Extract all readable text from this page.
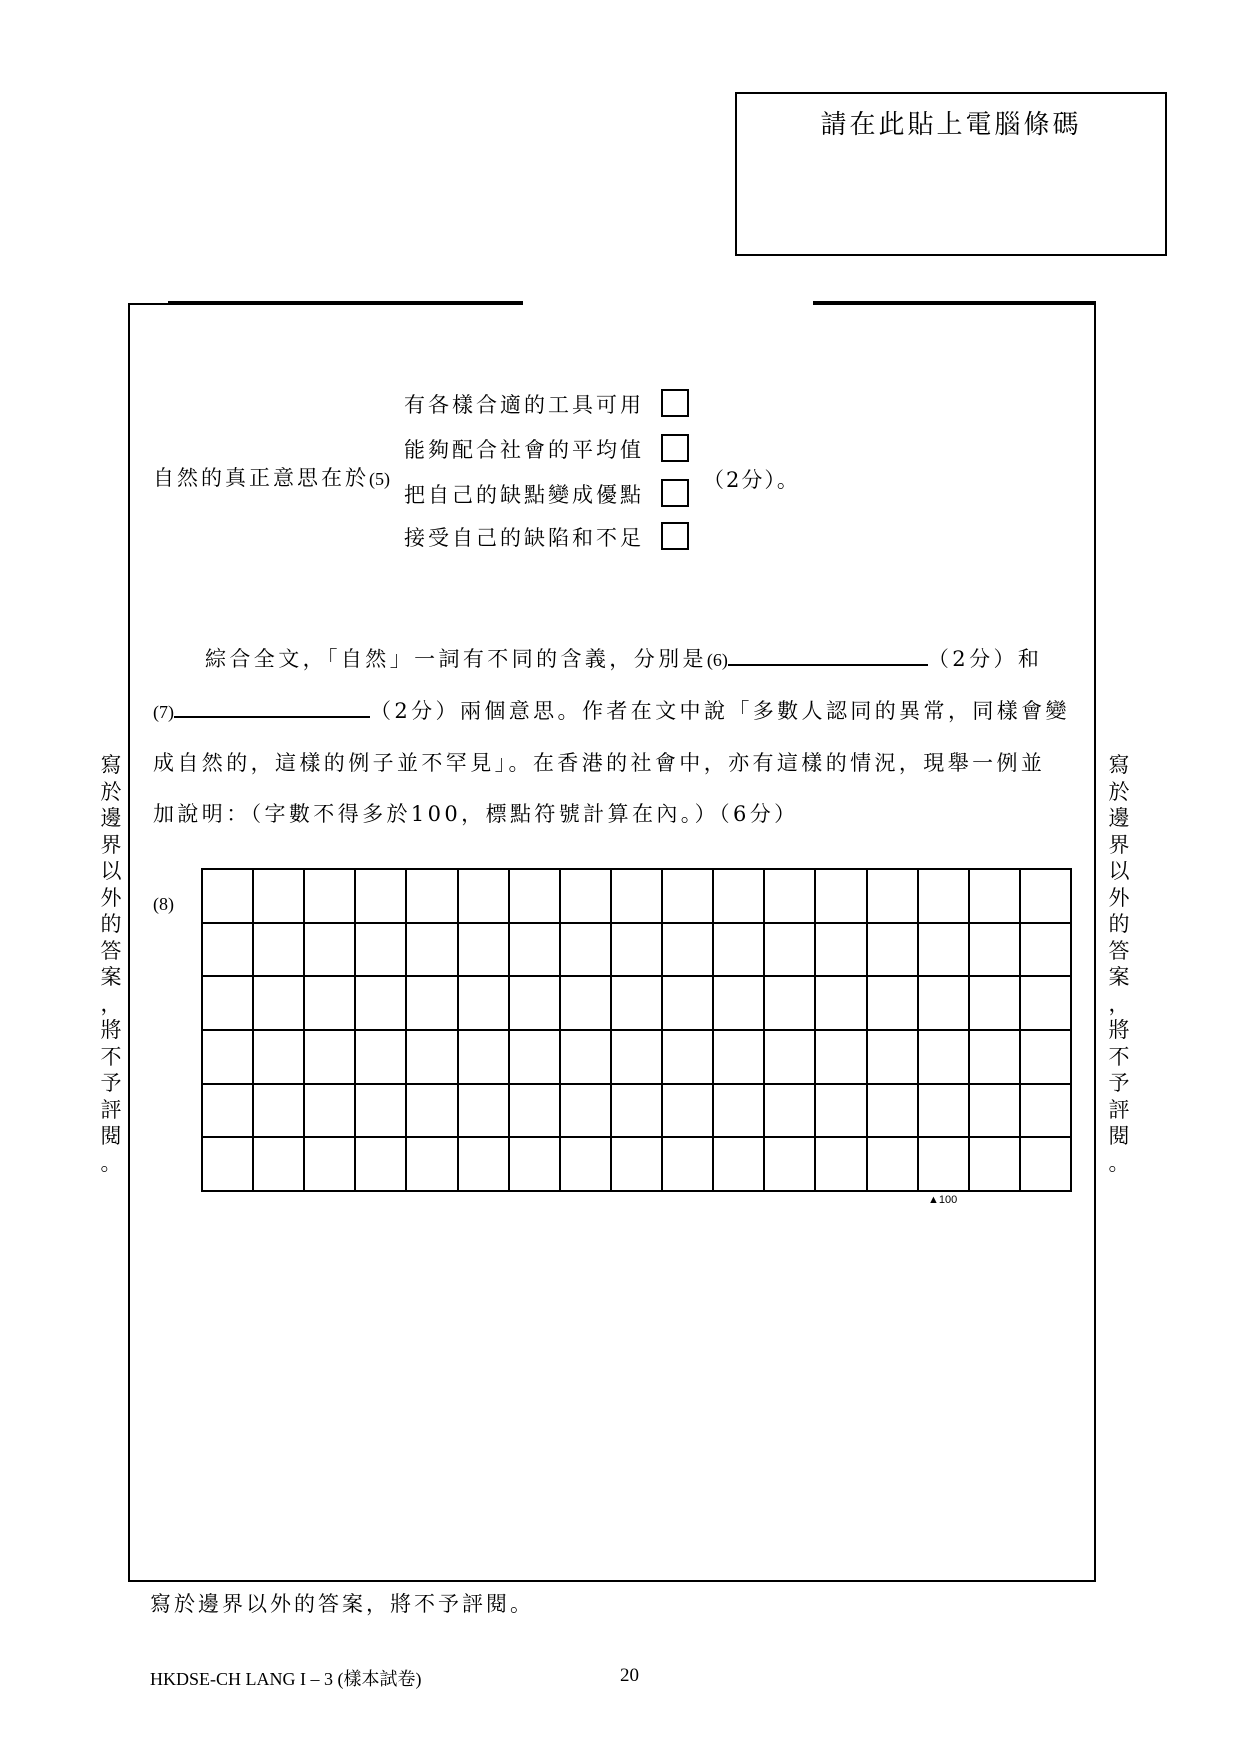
請在此貼上電腦條碼
寫
於
邊
界
以
外
的
答
案
，
將
不
予
評
閱
。
寫
於
邊
界
以
外
的
答
案
，
將
不
予
評
閱
。
自然的真正意思在於(5)
有各樣合適的工具可用
能夠配合社會的平均值
把自己的缺點變成優點
接受自己的缺陷和不足
（2分）。
綜合全文，「自然」一詞有不同的含義，分別是(6)	（2分）和
(7)	（2分）兩個意思。作者在文中說「多數人認同的異常，同樣會變
成自然的，這樣的例子並不罕見」。在香港的社會中，亦有這樣的情況，現舉一例並
加說明：（字數不得多於100，標點符號計算在內。）（6分）
(8)
▲100
寫於邊界以外的答案，將不予評閱。
HKDSE-CH LANG I – 3 (樣本試卷)	20
